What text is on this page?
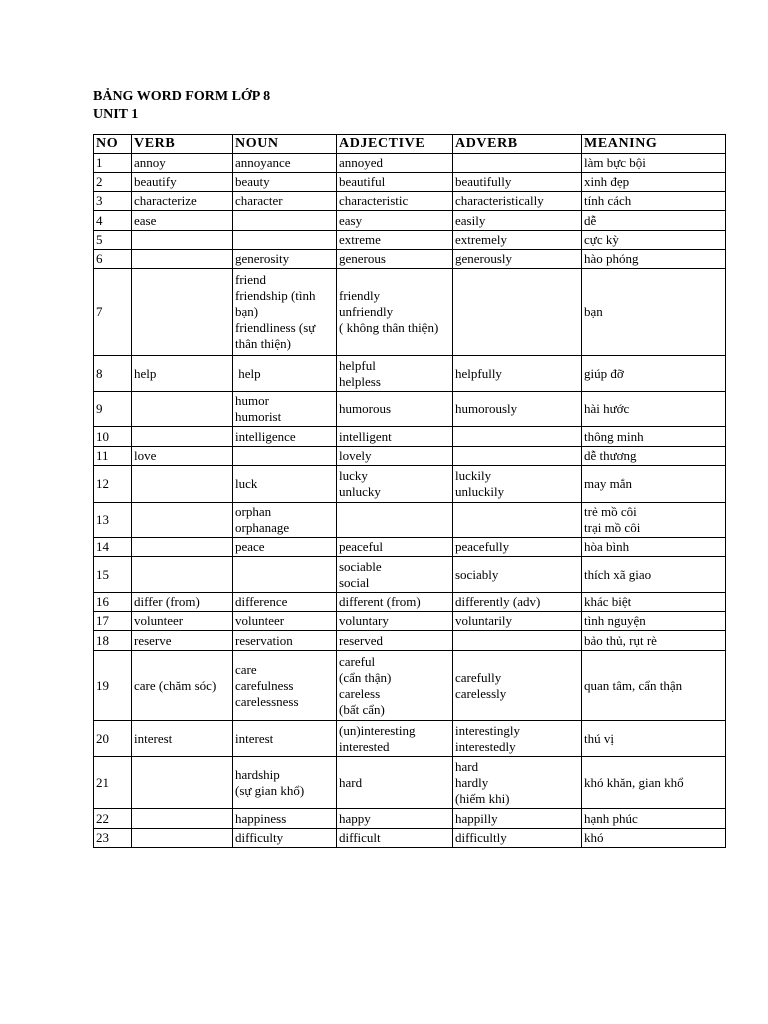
BẢNG WORD FORM LỚP 8
UNIT 1
NO	VERB	NOUN	ADJECTIVE	ADVERB	MEANING
1	annoy	annoyance	annoyed		làm bực bội
2	beautify	beauty	beautiful	beautifully	xinh đẹp
3	characterize	character	characteristic	characteristically	tính cách
4	ease		easy	easily	dễ
5			extreme	extremely	cực kỳ
6		generosity	generous	generously	hào phóng
7		friend
friendship (tình bạn)
friendliness (sự thân thiện)	friendly
unfriendly
( không thân thiện)		bạn
8	help	help	helpful
helpless	helpfully	giúp đỡ
9		humor
humorist	humorous	humorously	hài hước
10		intelligence	intelligent		thông minh
11	love		lovely		dễ thương
12		luck	lucky
unlucky	luckily
unluckily	may mắn
13		orphan
orphanage			trẻ mồ côi
trại mồ côi
14		peace	peaceful	peacefully	hòa bình
15			sociable
social	sociably	thích xã giao
16	differ (from)	difference	different (from)	differently (adv)	khác biệt
17	volunteer	volunteer	voluntary	voluntarily	tình nguyện
18	reserve	reservation	reserved		bảo thủ, rụt rè
19	care (chăm sóc)	care
carefulness
carelessness	careful
(cẩn thận)
careless
(bất cẩn)	carefully
carelessly	quan tâm, cẩn thận
20	interest	interest	(un)interesting
interested	interestingly
interestedly	thú vị
21		hardship
(sự gian khổ)	hard	hard
hardly
(hiếm khi)	khó khăn, gian khổ
22		happiness	happy	happilly	hạnh phúc
23		difficulty	difficult	difficultly	khó
